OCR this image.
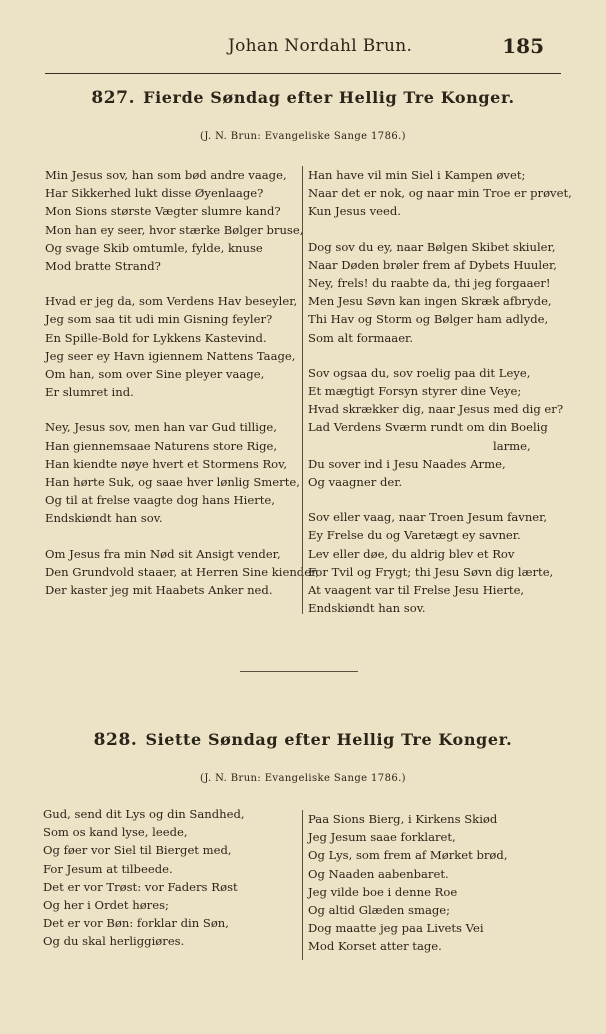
Johan Nordahl Brun.	185
827. Fierde Søndag efter Hellig Tre Konger.
(J. N. Brun: Evangeliske Sange 1786.)
Min Jesus sov, han som bød andre vaage,
Har Sikkerhed lukt disse Øyenlaage?
Mon Sions største Vægter slumre kand?
Mon han ey seer, hvor stærke Bølger bruse,
Og svage Skib omtumle, fylde, knuse
Mod bratte Strand?
Hvad er jeg da, som Verdens Hav beseyler,
Jeg som saa tit udi min Gisning feyler?
En Spille-Bold for Lykkens Kastevind.
Jeg seer ey Havn igiennem Nattens Taage,
Om han, som over Sine pleyer vaage,
Er slumret ind.
Ney, Jesus sov, men han var Gud tillige,
Han giennemsaae Naturens store Rige,
Han kiendte nøye hvert et Stormens Rov,
Han hørte Suk, og saae hver lønlig Smerte,
Og til at frelse vaagte dog hans Hierte,
Endskiøndt han sov.
Om Jesus fra min Nød sit Ansigt vender,
Den Grundvold staaer, at Herren Sine kiender,
Der kaster jeg mit Haabets Anker ned.
Han have vil min Siel i Kampen øvet;
Naar det er nok, og naar min Troe er prøvet,
Kun Jesus veed.
Dog sov du ey, naar Bølgen Skibet skiuler,
Naar Døden brøler frem af Dybets Huuler,
Ney, frels! du raabte da, thi jeg forgaaer!
Men Jesu Søvn kan ingen Skræk afbryde,
Thi Hav og Storm og Bølger ham adlyde,
Som alt formaaer.
Sov ogsaa du, sov roelig paa dit Leye,
Et mægtigt Forsyn styrer dine Veye;
Hvad skrækker dig, naar Jesus med dig er?
Lad Verdens Sværm rundt om din Boelig
larme,
Du sover ind i Jesu Naades Arme,
Og vaagner der.
Sov eller vaag, naar Troen Jesum favner,
Ey Frelse du og Varetægt ey savner.
Lev eller døe, du aldrig blev et Rov
For Tvil og Frygt; thi Jesu Søvn dig lærte,
At vaagent var til Frelse Jesu Hierte,
Endskiøndt han sov.
828. Siette Søndag efter Hellig Tre Konger.
(J. N. Brun: Evangeliske Sange 1786.)
Gud, send dit Lys og din Sandhed,
Som os kand lyse, leede,
Og føer vor Siel til Bierget med,
For Jesum at tilbeede.
Det er vor Trøst: vor Faders Røst
Og her i Ordet høres;
Det er vor Bøn: forklar din Søn,
Og du skal herliggiøres.
Paa Sions Bierg, i Kirkens Skiød
Jeg Jesum saae forklaret,
Og Lys, som frem af Mørket brød,
Og Naaden aabenbaret.
Jeg vilde boe i denne Roe
Og altid Glæden smage;
Dog maatte jeg paa Livets Vei
Mod Korset atter tage.
